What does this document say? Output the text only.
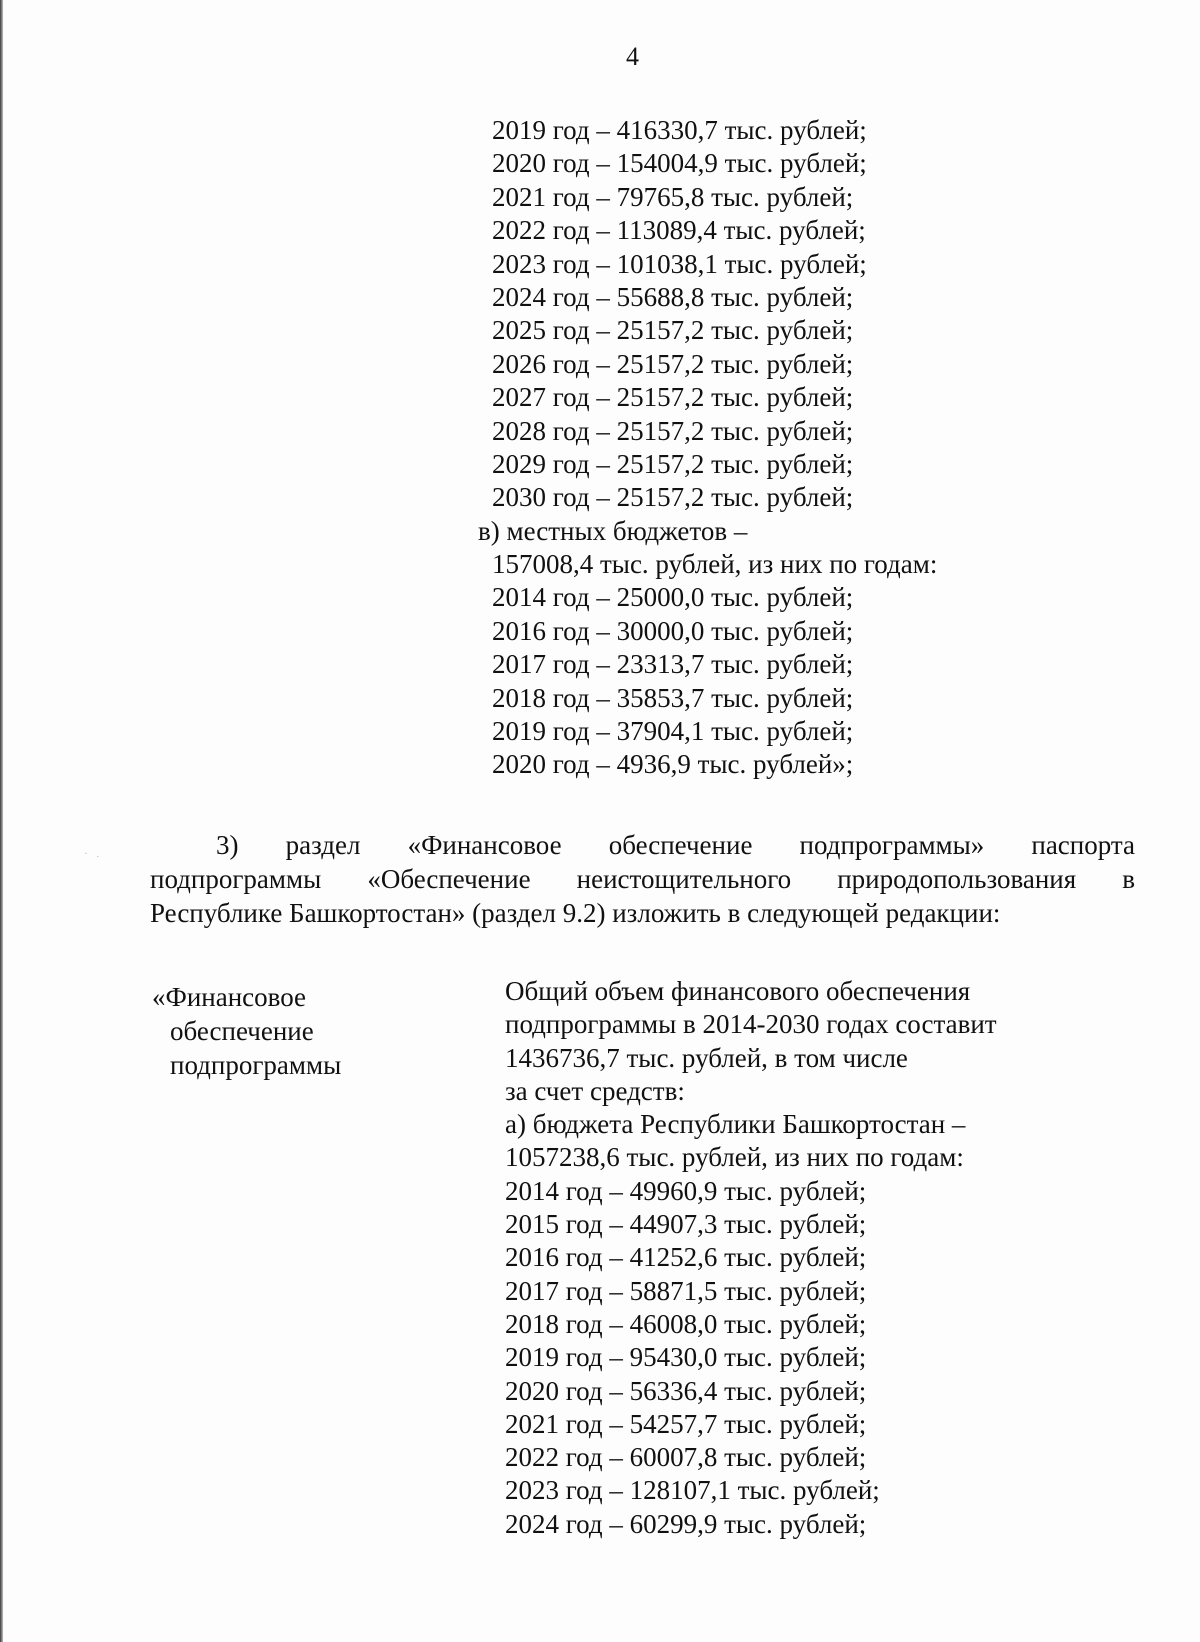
· ·
4
2019 год – 416330,7 тыс. рублей;
2020 год – 154004,9 тыс. рублей;
2021 год – 79765,8 тыс. рублей;
2022 год – 113089,4 тыс. рублей;
2023 год – 101038,1 тыс. рублей;
2024 год – 55688,8 тыс. рублей;
2025 год – 25157,2 тыс. рублей;
2026 год – 25157,2 тыс. рублей;
2027 год – 25157,2 тыс. рублей;
2028 год – 25157,2 тыс. рублей;
2029 год – 25157,2 тыс. рублей;
2030 год – 25157,2 тыс. рублей;
в) местных бюджетов –
157008,4 тыс. рублей, из них по годам:
2014 год – 25000,0 тыс. рублей;
2016 год – 30000,0 тыс. рублей;
2017 год – 23313,7 тыс. рублей;
2018 год – 35853,7 тыс. рублей;
2019 год – 37904,1 тыс. рублей;
2020 год – 4936,9 тыс. рублей»;
3) раздел «Финансовое обеспечение подпрограммы» паспорта
подпрограммы «Обеспечение неистощительного природопользования в
Республике Башкортостан» (раздел 9.2) изложить в следующей редакции:
«Финансовое
обеспечение
подпрограммы
Общий объем финансового обеспечения
подпрограммы в 2014-2030 годах составит
1436736,7 тыс. рублей, в том числе
за счет средств:
а) бюджета Республики Башкортостан –
1057238,6 тыс. рублей, из них по годам:
2014 год – 49960,9 тыс. рублей;
2015 год – 44907,3 тыс. рублей;
2016 год – 41252,6 тыс. рублей;
2017 год – 58871,5 тыс. рублей;
2018 год – 46008,0 тыс. рублей;
2019 год – 95430,0 тыс. рублей;
2020 год – 56336,4 тыс. рублей;
2021 год – 54257,7 тыс. рублей;
2022 год – 60007,8 тыс. рублей;
2023 год – 128107,1 тыс. рублей;
2024 год – 60299,9 тыс. рублей;
